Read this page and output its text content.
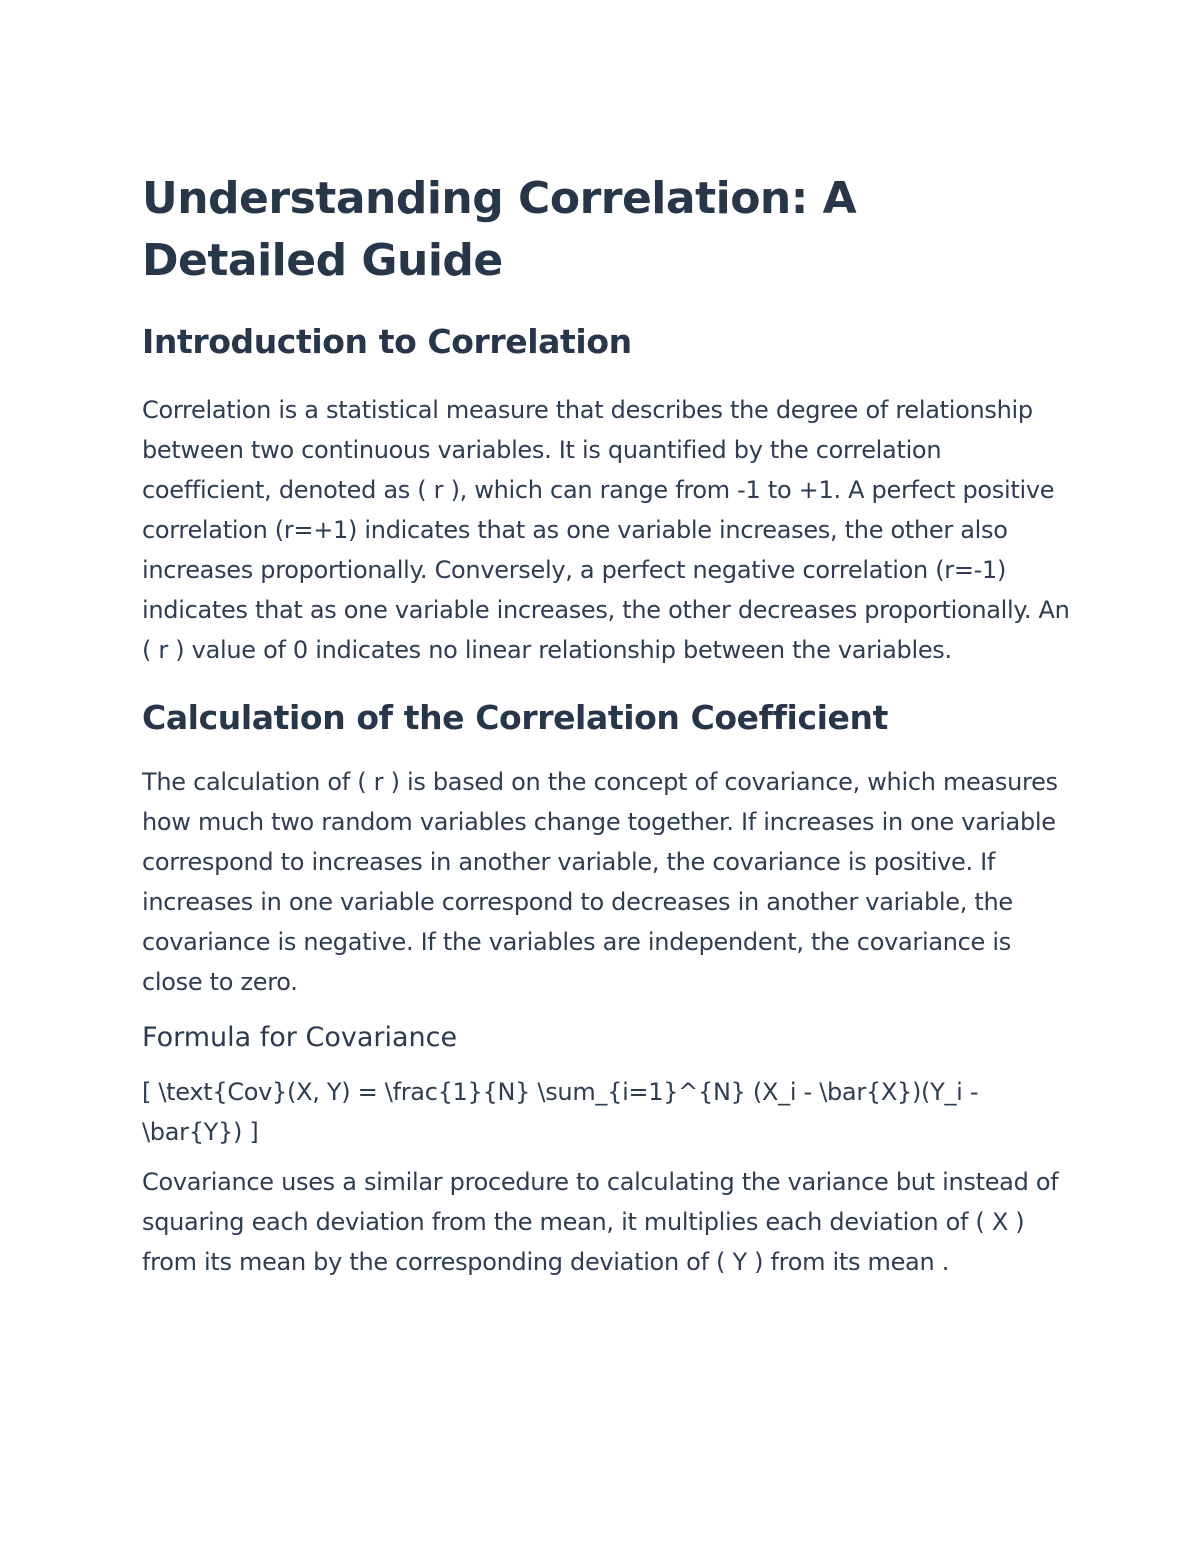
Understanding Correlation: A Detailed Guide
Introduction to Correlation

Correlation is a statistical measure that describes the degree of relationship between two continuous variables. It is quantified by the correlation coefficient, denoted as ( r ), which can range from -1 to +1. A perfect positive correlation (r=+1) indicates that as one variable increases, the other also increases proportionally. Conversely, a perfect negative correlation (r=-1) indicates that as one variable increases, the other decreases proportionally. An ( r ) value of 0 indicates no linear relationship between the variables.

Calculation of the Correlation Coefficient

The calculation of ( r ) is based on the concept of covariance, which measures how much two random variables change together. If increases in one variable correspond to increases in another variable, the covariance is positive. If increases in one variable correspond to decreases in another variable, the covariance is negative. If the variables are independent, the covariance is close to zero.

Formula for Covariance

[ \text{Cov}(X, Y) = \frac{1}{N} \sum_{i=1}^{N} (X_i - \bar{X})(Y_i - \bar{Y}) ]

Covariance uses a similar procedure to calculating the variance but instead of squaring each deviation from the mean, it multiplies each deviation of ( X ) from its mean by the corresponding deviation of ( Y ) from its mean .
